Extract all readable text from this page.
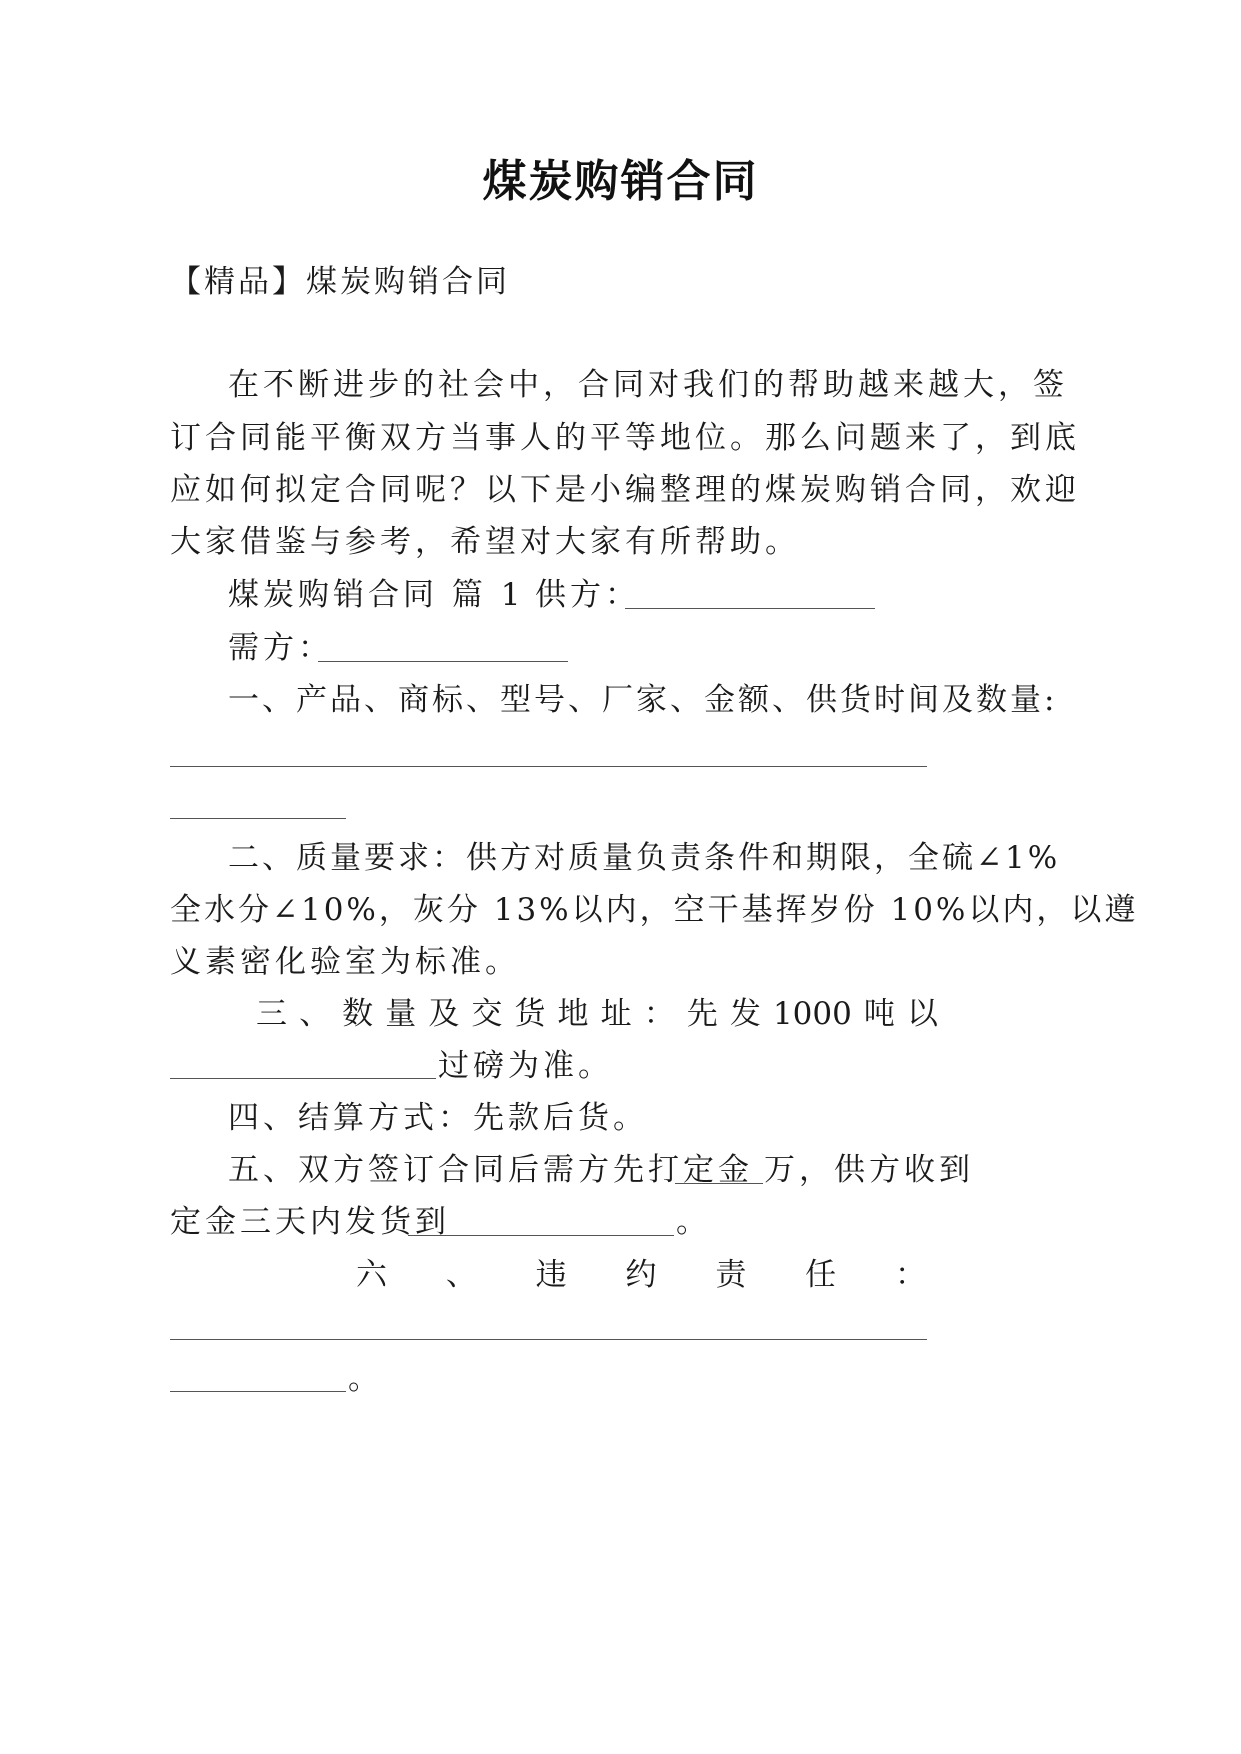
煤炭购销合同
【精品】煤炭购销合同
在不断进步的社会中，合同对我们的帮助越来越大，签
订合同能平衡双方当事人的平等地位。那么问题来了，到底
应如何拟定合同呢？以下是小编整理的煤炭购销合同，欢迎
大家借鉴与参考，希望对大家有所帮助。
煤炭购销合同 篇 1 供方：
需方：
一、产品、商标、型号、厂家、金额、供货时间及数量:
二、质量要求：供方对质量负责条件和期限，全硫∠1%
全水分∠10%，灰分 13%以内，空干基挥岁份 10%以内，以遵
义素密化验室为标准。
三 、 数 量 及 交 货 地 址 ： 先 发 1000 吨 以
过磅为准。
四、结算方式：先款后货。
五、双方签订合同后需方先打定金 万，供方收到
定金三天内发货到	。
六 、 违 约 责 任 ：
。
